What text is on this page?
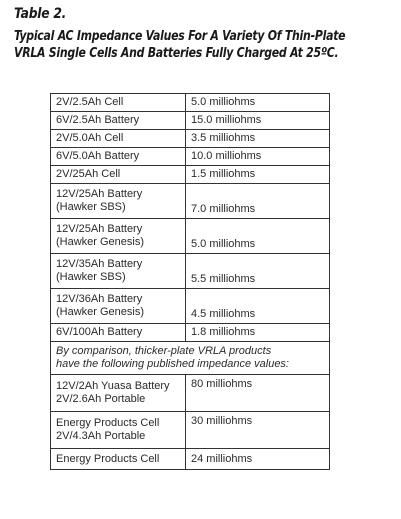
Table 2.
Typical AC Impedance Values For A Variety Of Thin-Plate
VRLA Single Cells And Batteries Fully Charged At 25ºC.
2V/2.5Ah Cell	5.0 milliohms
6V/2.5Ah Battery	15.0 milliohms
2V/5.0Ah Cell	3.5 milliohms
6V/5.0Ah Battery	10.0 milliohms
2V/25Ah Cell	1.5 milliohms

12V/25Ah Battery
(Hawker SBS)	7.0 milliohms

12V/25Ah Battery
(Hawker Genesis)	5.0 milliohms

12V/35Ah Battery
(Hawker SBS)	5.5 milliohms

12V/36Ah Battery
(Hawker Genesis)	4.5 milliohms
6V/100Ah Battery	1.8 milliohms

By comparison, thicker-plate VRLA products
have the following published impedance values:	

12V/2Ah Yuasa Battery
2V/2.6Ah Portable	80 milliohms

Energy Products Cell
2V/4.3Ah Portable	30 milliohms
Energy Products Cell	24 milliohms
